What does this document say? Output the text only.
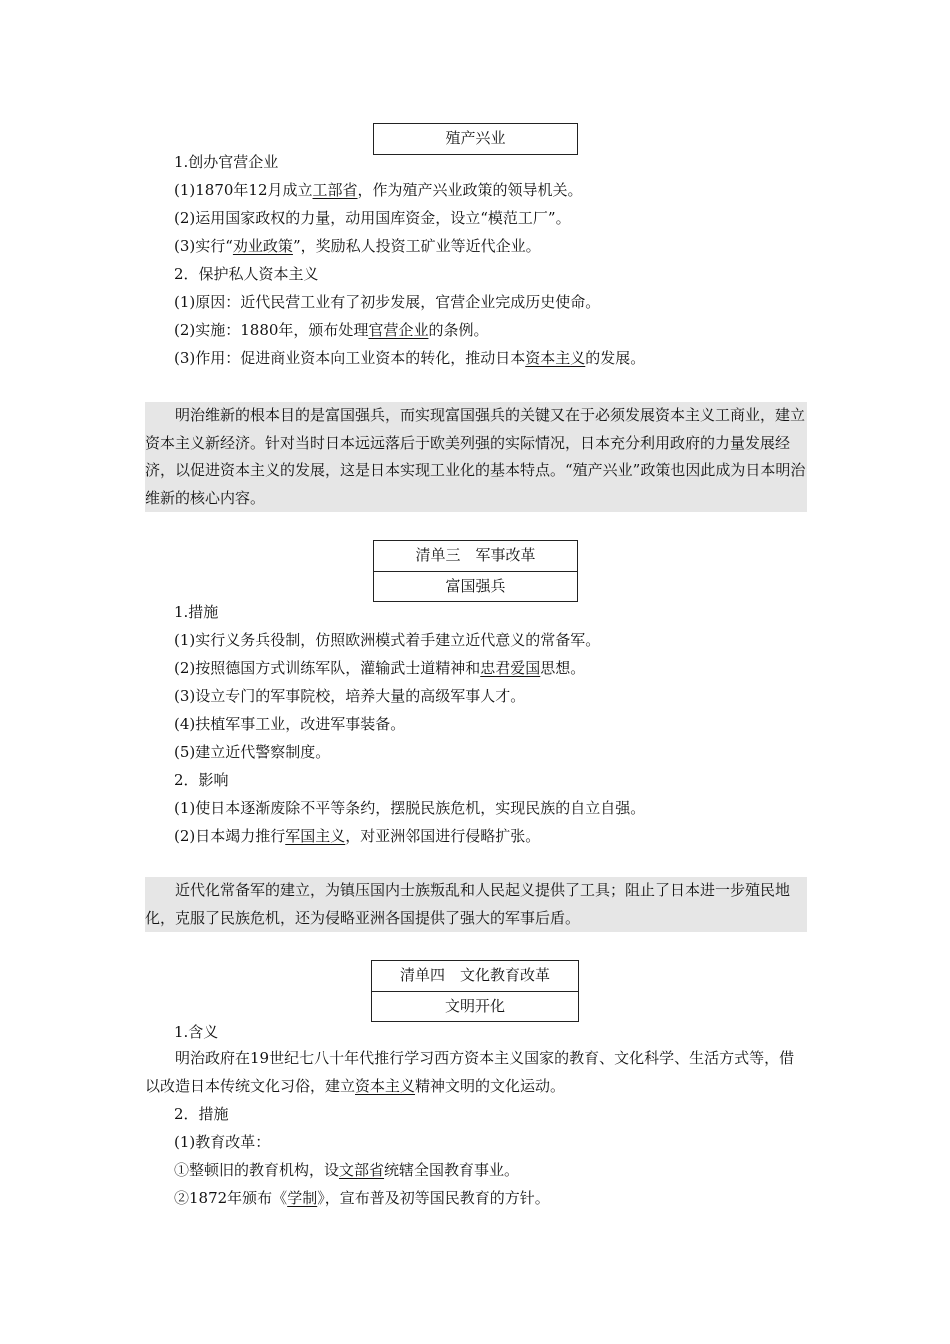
殖产兴业
1.创办官营企业
(1)1870年12月成立工部省，作为殖产兴业政策的领导机关。
(2)运用国家政权的力量，动用国库资金，设立“模范工厂”。
(3)实行“劝业政策”，奖励私人投资工矿业等近代企业。
2．保护私人资本主义
(1)原因：近代民营工业有了初步发展，官营企业完成历史使命。
(2)实施：1880年，颁布处理官营企业的条例。
(3)作用：促进商业资本向工业资本的转化，推动日本资本主义的发展。
明治维新的根本目的是富国强兵，而实现富国强兵的关键又在于必须发展资本主义工商业，建立资本主义新经济。针对当时日本远远落后于欧美列强的实际情况，日本充分利用政府的力量发展经济，以促进资本主义的发展，这是日本实现工业化的基本特点。“殖产兴业”政策也因此成为日本明治维新的核心内容。
清单三　军事改革
富国强兵
1.措施
(1)实行义务兵役制，仿照欧洲模式着手建立近代意义的常备军。
(2)按照德国方式训练军队，灌输武士道精神和忠君爱国思想。
(3)设立专门的军事院校，培养大量的高级军事人才。
(4)扶植军事工业，改进军事装备。
(5)建立近代警察制度。
2．影响
(1)使日本逐渐废除不平等条约，摆脱民族危机，实现民族的自立自强。
(2)日本竭力推行军国主义，对亚洲邻国进行侵略扩张。
近代化常备军的建立，为镇压国内士族叛乱和人民起义提供了工具；阻止了日本进一步殖民地化，克服了民族危机，还为侵略亚洲各国提供了强大的军事后盾。
清单四　文化教育改革
文明开化
1.含义
明治政府在19世纪七八十年代推行学习西方资本主义国家的教育、文化科学、生活方式等，借以改造日本传统文化习俗，建立资本主义精神文明的文化运动。
2．措施
(1)教育改革：
①整顿旧的教育机构，设文部省统辖全国教育事业。
②1872年颁布《学制》，宣布普及初等国民教育的方针。
